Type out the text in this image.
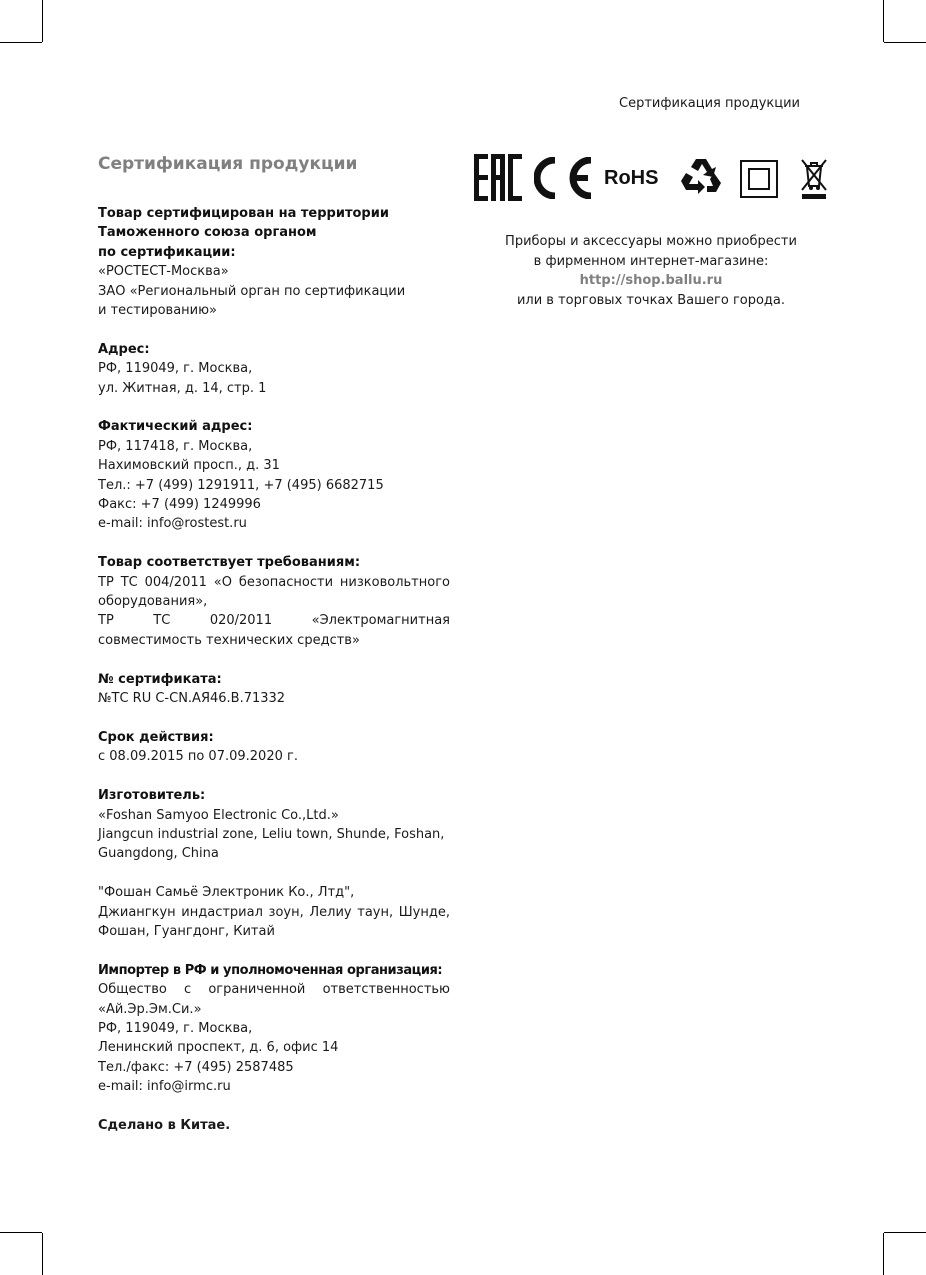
Сертификация продукции
Сертификация продукции
Товар сертифицирован на территории
Таможенного союза органом
по сертификации:
«РОСТЕСТ-Москва»
ЗАО «Региональный орган по сертификации
и тестированию»
Адрес:
РФ, 119049, г. Москва,
ул. Житная, д. 14, стр. 1
Фактический адрес:
РФ, 117418, г. Москва,
Нахимовский просп., д. 31
Тел.: +7 (499) 1291911, +7 (495) 6682715
Факс: +7 (499) 1249996
e-mail: info@rostest.ru
Товар соответствует требованиям:
ТР ТС 004/2011 «О безопасности низковольтного оборудования»,
ТР ТС 020/2011 «Электромагнитная совместимость технических средств»
№ сертификата:
№ТС RU C-CN.АЯ46.В.71332
Срок действия:
с 08.09.2015 по 07.09.2020 г.
Изготовитель:
«Foshan Samyoo Electronic Co.,Ltd.»
Jiangcun industrial zone, Leliu town, Shunde, Foshan, Guangdong, China
"Фошан Самьё Электроник Ко., Лтд",
Джиангкун индастриал зоун, Лелиу таун, Шунде, Фошан, Гуангдонг, Китай
Импортер в РФ и уполномоченная организация:
Общество с ограниченной ответственностью «Ай.Эр.Эм.Си.»
РФ, 119049, г. Москва,
Ленинский проспект, д. 6, офис 14
Тел./факс: +7 (495) 2587485
e-mail: info@irmc.ru
Сделано в Китае.
RoHS
Приборы и аксессуары можно приобрести
в фирменном интернет-магазине:
http://shop.ballu.ru
или в торговых точках Вашего города.
